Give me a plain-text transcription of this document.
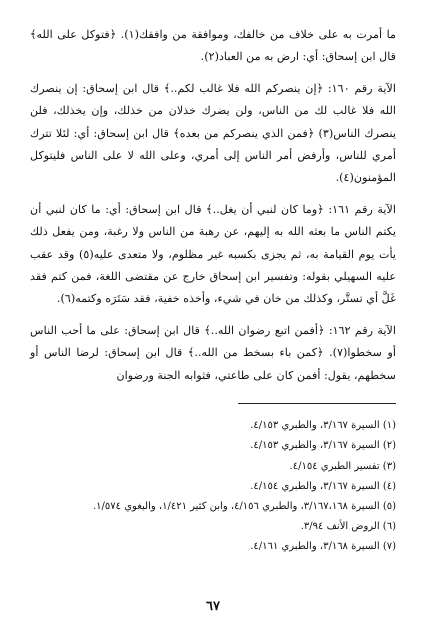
ما أمرت به على خلاف من خالفك، وموافقة من وافقك(١). ﴿فتوكل على الله﴾ قال ابن إسحاق: أي: ارض به من العباد(٢).

الآية رقم ١٦٠: ﴿إن ينصركم الله فلا غالب لكم..﴾ قال ابن إسحاق: إن ينصرك الله فلا غالب لك من الناس، ولن يضرك خذلان من خذلك، وإن يخذلك، فلن ينصرك الناس(٣) ﴿فمن الذي ينصركم من بعده﴾ قال ابن إسحاق: أي: لئلا تترك أمري للناس، وأرفض أمر الناس إلى أمري، وعلى الله لا على الناس فليتوكل المؤمنون(٤).

الآية رقم ١٦١: ﴿وما كان لنبي أن يغل..﴾ قال ابن إسحاق: أي: ما كان لنبي أن يكتم الناس ما بعثه الله به إليهم، عن رهبة من الناس ولا رغبة، ومن يفعل ذلك يأت يوم القيامة به، ثم يجزى بكسبه غير مظلوم، ولا متعدى عليه(٥) وقد عقب عليه السهيلي بقوله: وتفسير ابن إسحاق خارج عن مقتضى اللغة، فمن كتم فقد غَلَّ أي تستَّر، وكذلك من خان في شيء، وأخذه خفية، فقد سَتَرَه وكتمه(٦).

الآية رقم ١٦٢: ﴿أفمن اتبع رضوان الله..﴾ قال ابن إسحاق: على ما أحب الناس أو سخطوا(٧). ﴿كمن باء بسخط من الله..﴾ قال ابن إسحاق: لرضا الناس أو سخطهم، يقول: أفمن كان على طاعتي، فثوابه الجنة ورضوان

(١) السيرة ٣/١٦٧، والطبري ٤/١٥٣.
(٢) السيرة ٣/١٦٧، والطبري ٤/١٥٣.
(٣) تفسير الطبري ٤/١٥٤.
(٤) السيرة ٣/١٦٧، والطبري ٤/١٥٤.
(٥) السيرة ٣/١٦٧،١٦٨، والطبري ٤/١٥٦، وابن كثير ١/٤٢١، والبغوي ١/٥٧٤.
(٦) الروض الأنف ٣/٩٤.
(٧) السيرة ٣/١٦٨، والطبري ٤/١٦١.
٦٧
